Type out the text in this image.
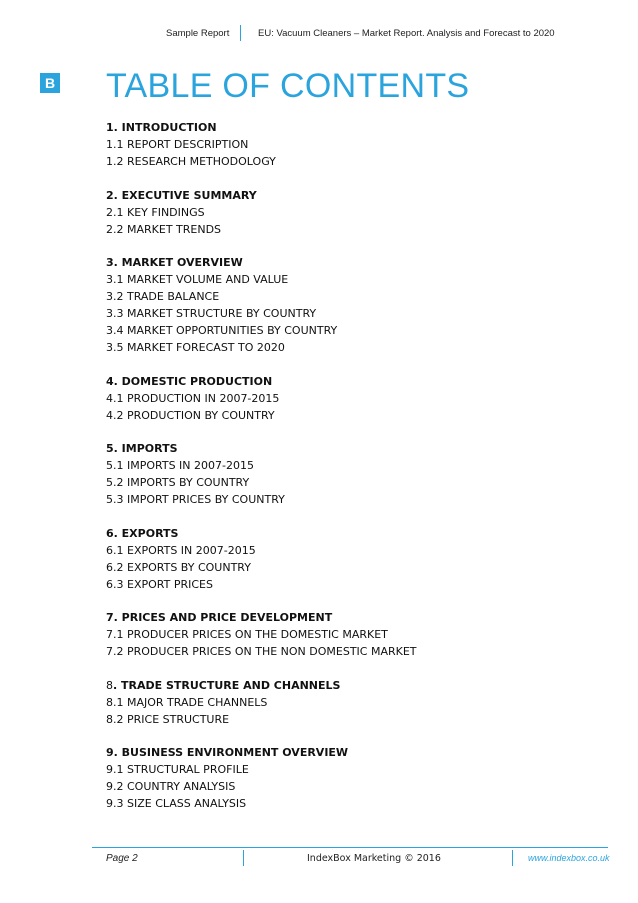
Sample Report	EU: Vacuum Cleaners – Market Report. Analysis and Forecast to 2020
B TABLE OF CONTENTS
1. INTRODUCTION
1.1 REPORT DESCRIPTION
1.2 RESEARCH METHODOLOGY
2. EXECUTIVE SUMMARY
2.1 KEY FINDINGS
2.2 MARKET TRENDS
3. MARKET OVERVIEW
3.1 MARKET VOLUME AND VALUE
3.2 TRADE BALANCE
3.3 MARKET STRUCTURE BY COUNTRY
3.4 MARKET OPPORTUNITIES BY COUNTRY
3.5 MARKET FORECAST TO 2020
4. DOMESTIC PRODUCTION
4.1 PRODUCTION IN 2007-2015
4.2 PRODUCTION BY COUNTRY
5. IMPORTS
5.1 IMPORTS IN 2007-2015
5.2 IMPORTS BY COUNTRY
5.3 IMPORT PRICES BY COUNTRY
6. EXPORTS
6.1 EXPORTS IN 2007-2015
6.2 EXPORTS BY COUNTRY
6.3 EXPORT PRICES
7. PRICES AND PRICE DEVELOPMENT
7.1 PRODUCER PRICES ON THE DOMESTIC MARKET
7.2 PRODUCER PRICES ON THE NON DOMESTIC MARKET
8. TRADE STRUCTURE AND CHANNELS
8.1 MAJOR TRADE CHANNELS
8.2 PRICE STRUCTURE
9. BUSINESS ENVIRONMENT OVERVIEW
9.1 STRUCTURAL PROFILE
9.2 COUNTRY ANALYSIS
9.3 SIZE CLASS ANALYSIS
Page 2	IndexBox Marketing © 2016	www.indexbox.co.uk
